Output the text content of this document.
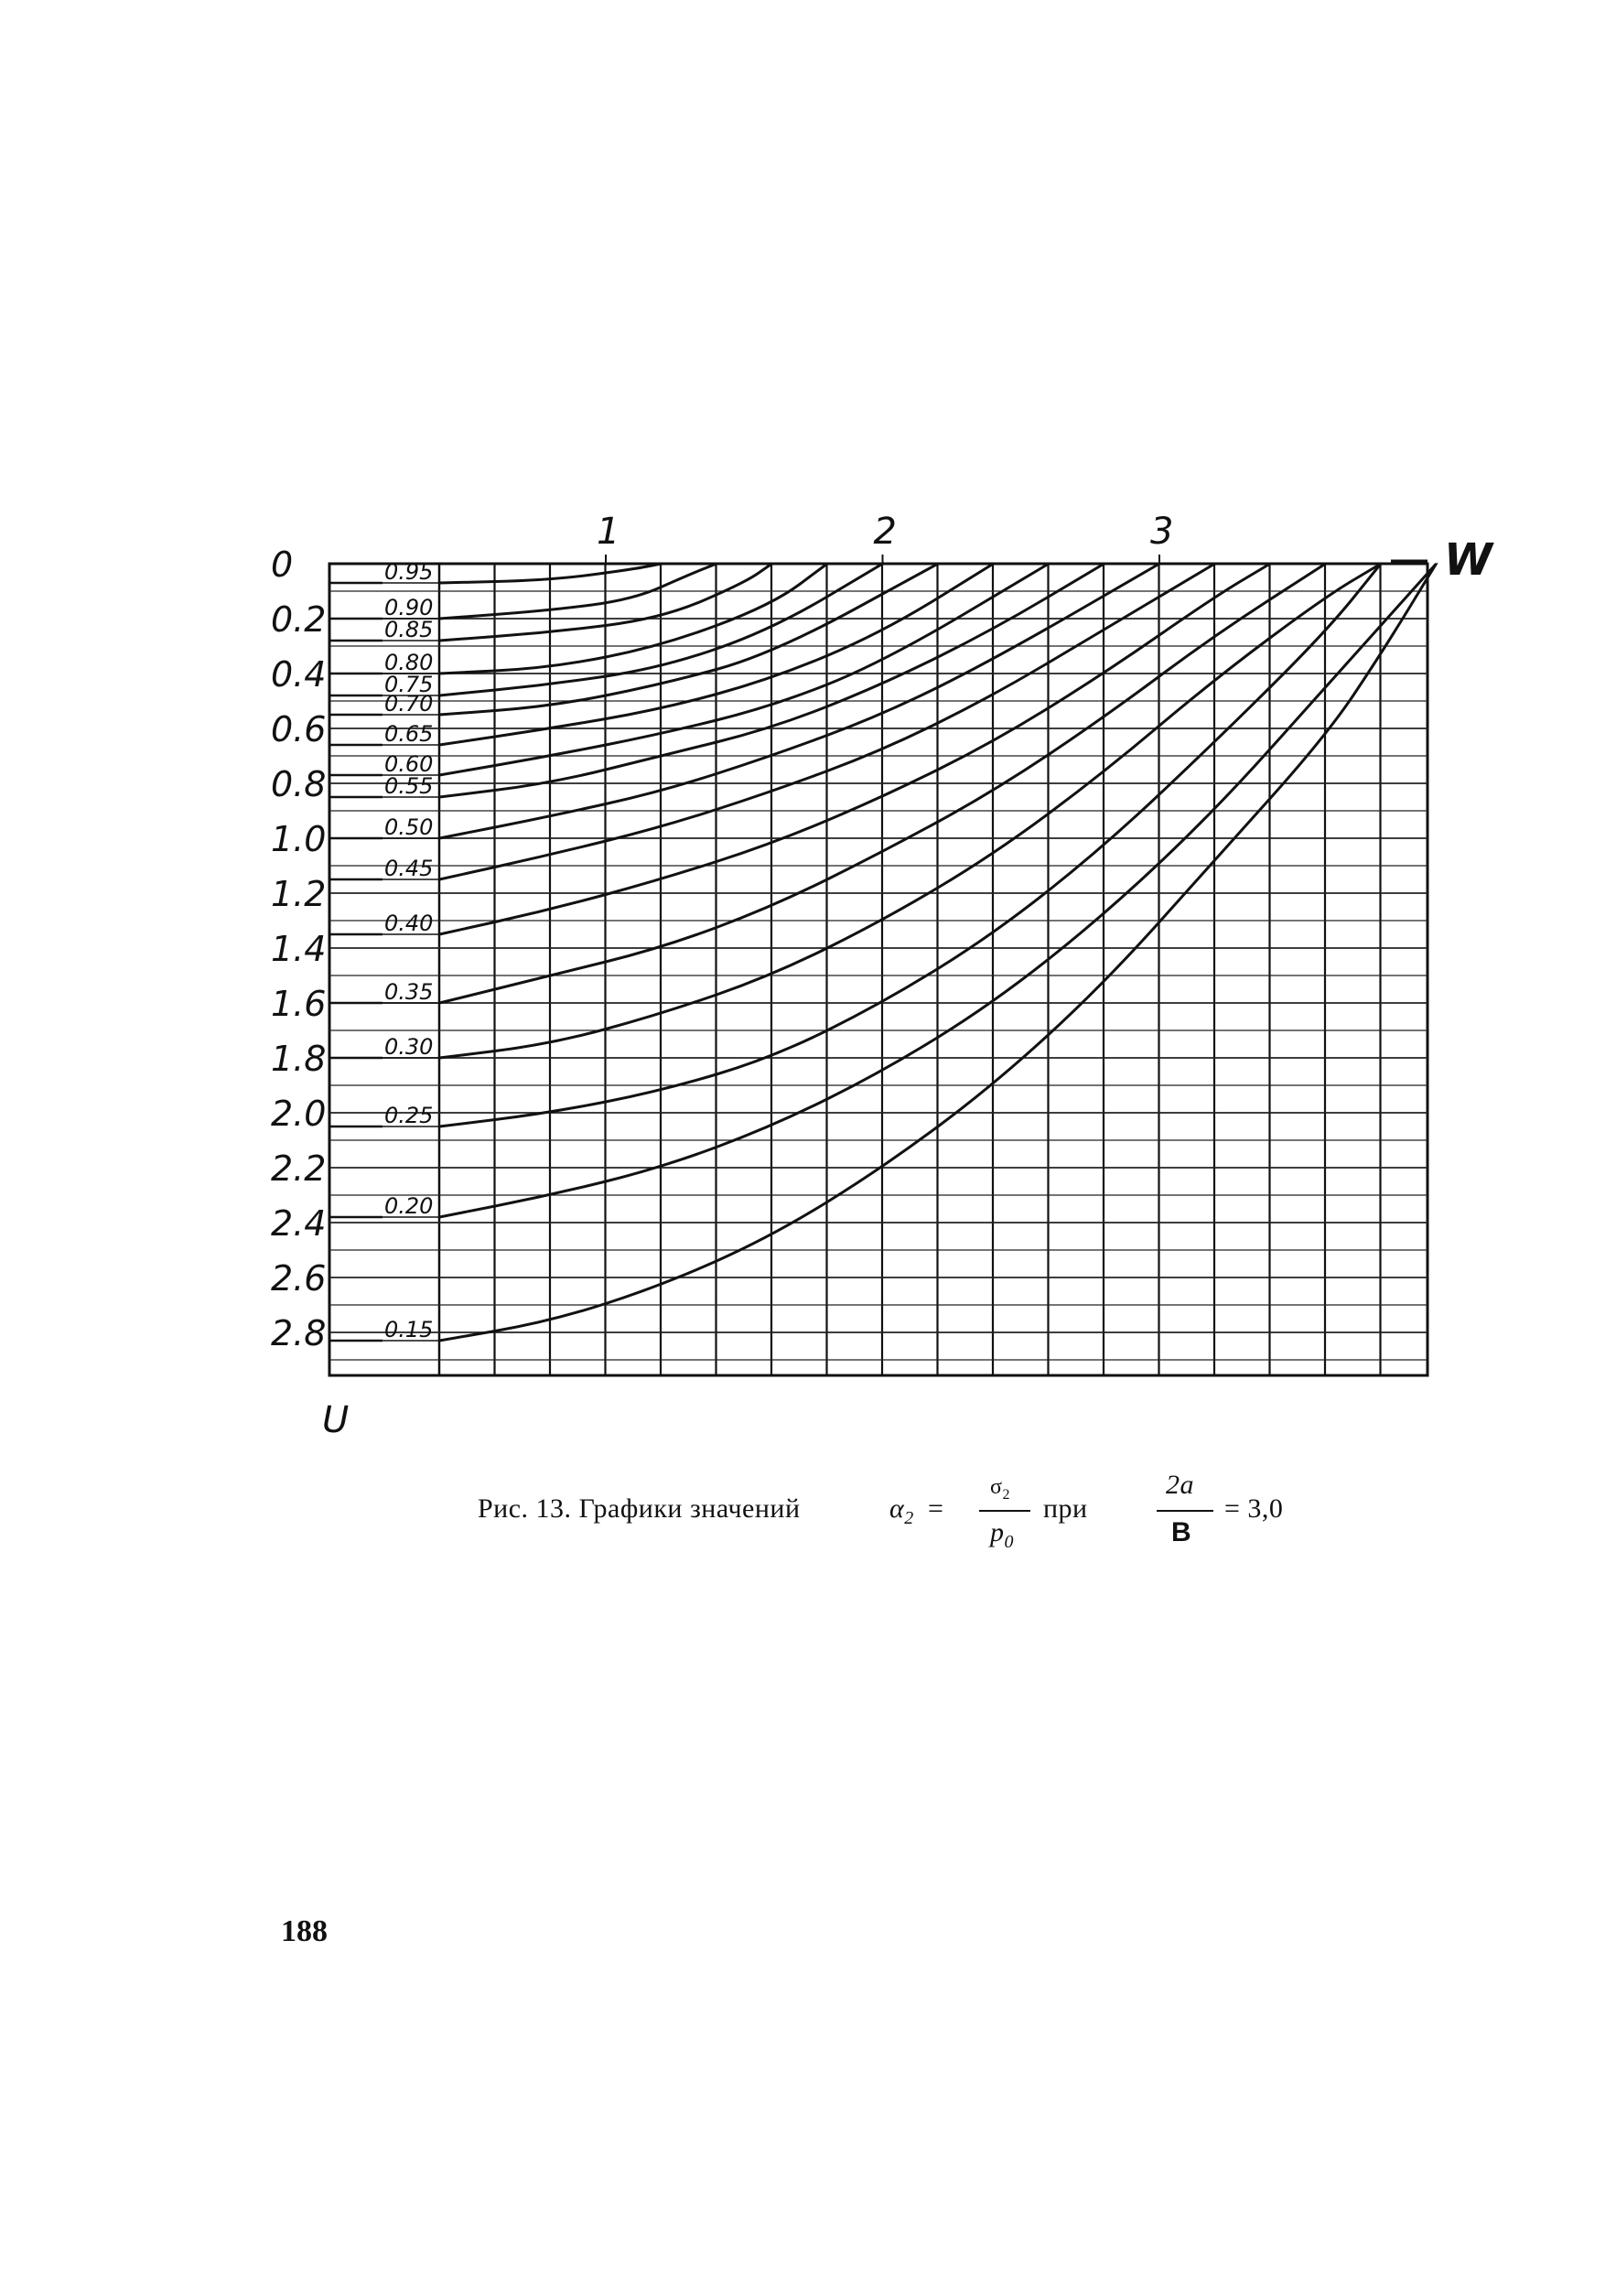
0
0.2
0.4
0.6
0.8
1.0
1.2
1.4
1.6
1.8
2.0
2.2
2.4
2.6
2.8
1	2	3
W
U
0.95
0.90
0.85
0.80
0.75
0.70
0.65
0.60
0.55
0.50
0.45
0.40
0.35
0.30
0.25
0.20
0.15
Рис. 13. Графики значений	$\alpha_2$ =
$\sigma_2$
$p_0$
при
2a
B
= 3,0
188
